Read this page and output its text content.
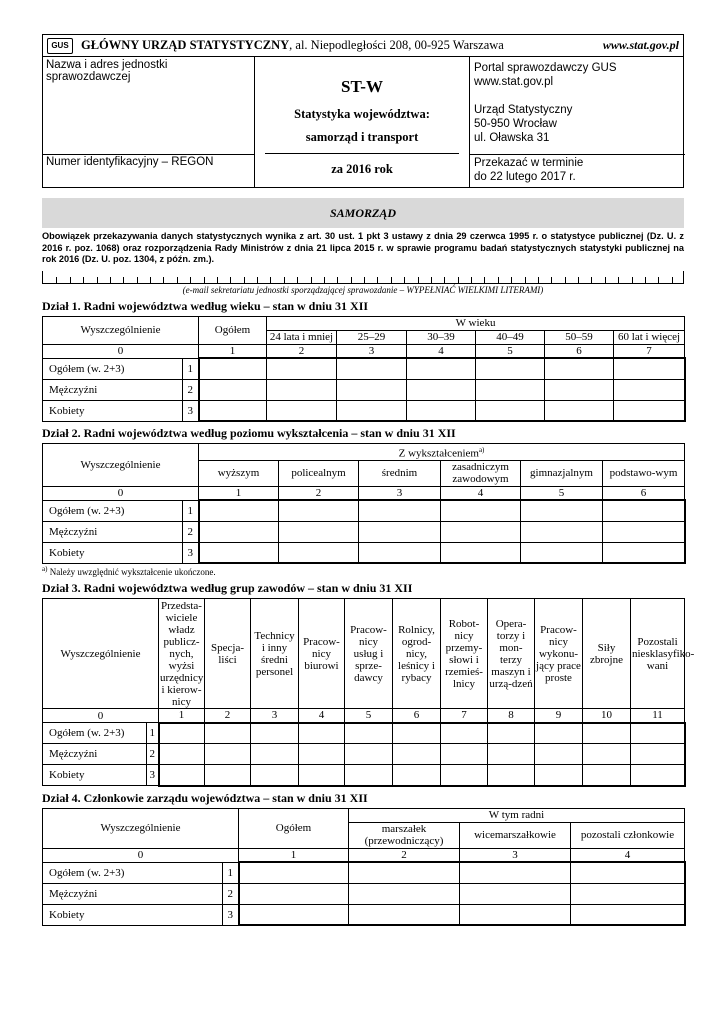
GUS GŁÓWNY URZĄD STATYSTYCZNY, al. Niepodległości 208, 00-925 Warszawa	www.stat.gov.pl
Nazwa i adres jednostki sprawozdawczej
Numer identyfikacyjny – REGON
ST-W
Statystyka województwa:
samorząd i transport
za 2016 rok
Portal sprawozdawczy GUS
www.stat.gov.pl
Urząd Statystyczny
50-950 Wrocław
ul. Oławska 31
Przekazać w terminie
do 22 lutego 2017 r.
SAMORZĄD
Obowiązek przekazywania danych statystycznych wynika z art. 30 ust. 1 pkt 3 ustawy z dnia 29 czerwca 1995 r. o statystyce publicznej (Dz. U. z 2016 r. poz. 1068) oraz rozporządzenia Rady Ministrów z dnia 21 lipca 2015 r. w sprawie programu badań statystycznych statystyki publicznej na rok 2016 (Dz. U. poz. 1304, z późn. zm.).
(e-mail sekretariatu jednostki sporządzającej sprawozdanie – WYPEŁNIAĆ WIELKIMI LITERAMI)
Dział 1. Radni województwa według wieku – stan w dniu 31 XII
Wyszczególnienie		Ogółem	W wieku					
			24 lata i mniej	25–29	30–39	40–49	50–59	60 lat i więcej
0		1	2	3	4	5	6	7
Ogółem (w. 2+3)	1							
Mężczyźni	2							
Kobiety	3							
Dział 2. Radni województwa według poziomu wykształcenia – stan w dniu 31 XII
Wyszczególnienie		Z wykształceniem$^{a)}$
		wyższym	policealnym	średnim	zasadniczym zawodowym	gimnazjalnym	podstawo-wym
0		1	2	3	4	5	6
Ogółem (w. 2+3)	1						
Mężczyźni	2						
Kobiety	3						
$^{a)}$ Należy uwzględnić wykształcenie ukończone.
Dział 3. Radni województwa według grup zawodów – stan w dniu 31 XII
Wyszczególnienie		Przedsta-wiciele władz publicz-nych, wyżsi urzędnicy i kierow-nicy	Specja-liści	Technicy i inny średni personel	Pracow-nicy biurowi	Pracow-nicy usług i sprze-dawcy	Rolnicy, ogrod-nicy, leśnicy i rybacy	Robot-nicy przemy-słowi i rzemieś-lnicy	Opera-torzy i mon-terzy maszyn i urzą-dzeń	Pracow-nicy wykonu-jący prace proste	Siły zbrojne	Pozostali niesklasyfiko-wani
0		1	2	3	4	5	6	7	8	9	10	11
Ogółem (w. 2+3)	1											
Mężczyźni	2											
Kobiety	3											
Dział 4. Członkowie zarządu województwa – stan w dniu 31 XII
Wyszczególnienie		Ogółem	W tym radni		
			marszałek (przewodniczący)	wicemarszałkowie	pozostali członkowie
0		1	2	3	4
Ogółem (w. 2+3)	1				
Mężczyźni	2				
Kobiety	3				
